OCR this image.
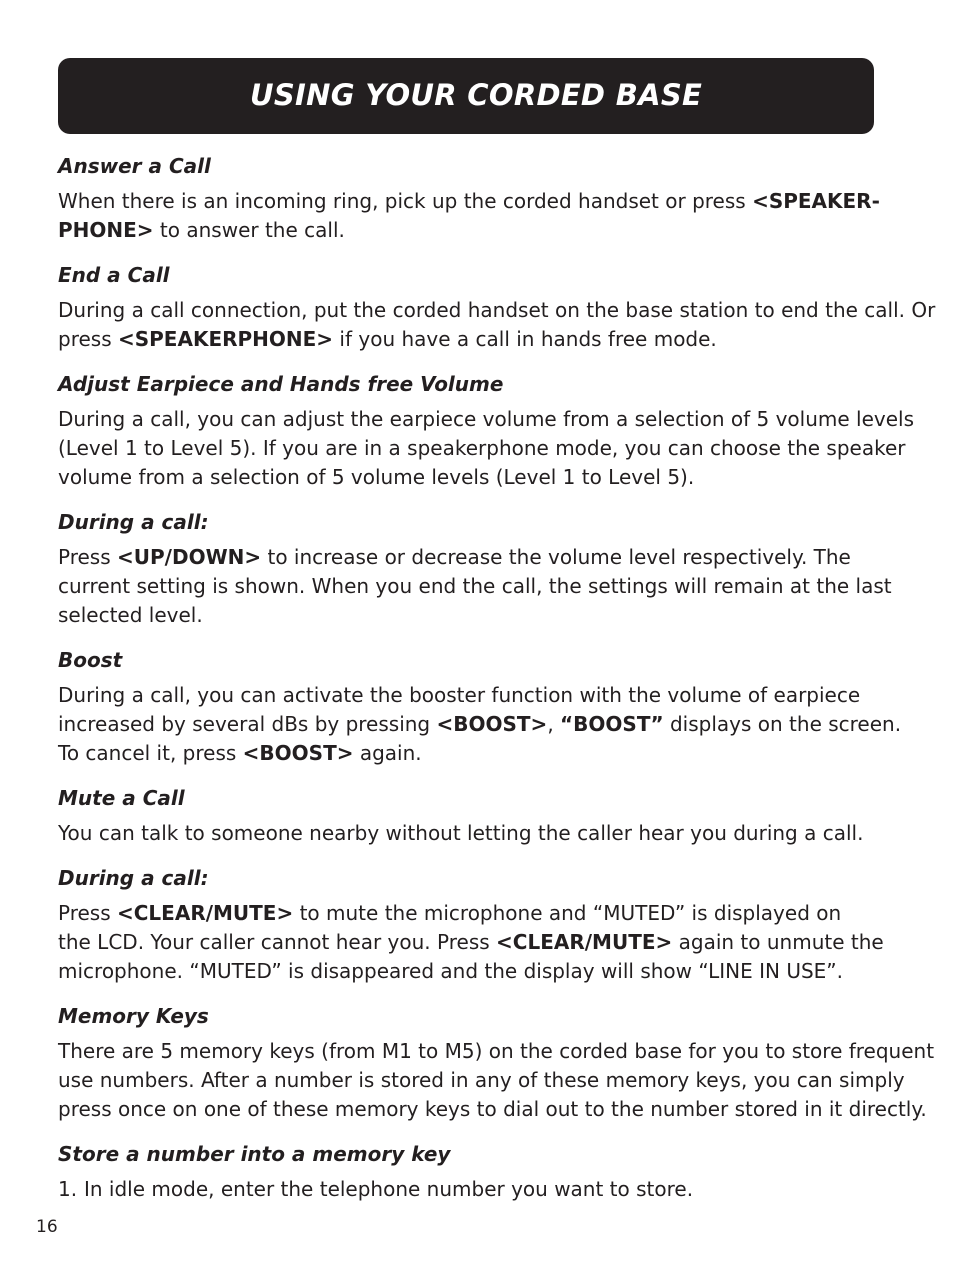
USING YOUR CORDED BASE

Answer a Call

When there is an incoming ring, pick up the corded handset or press <SPEAKER-

PHONE> to answer the call.

End a Call

During a call connection, put the corded handset on the base station to end the call. Or

press <SPEAKERPHONE> if you have a call in hands free mode.

Adjust Earpiece and Hands free Volume

During a call, you can adjust the earpiece volume from a selection of 5 volume levels

(Level 1 to Level 5). If you are in a speakerphone mode, you can choose the speaker

volume from a selection of 5 volume levels (Level 1 to Level 5).

During a call:

Press <UP/DOWN> to increase or decrease the volume level respectively. The

current setting is shown. When you end the call, the settings will remain at the last

selected level.

Boost

During a call, you can activate the booster function with the volume of earpiece

increased by several dBs by pressing <BOOST>, “BOOST” displays on the screen.

To cancel it, press <BOOST> again.

Mute a Call

You can talk to someone nearby without letting the caller hear you during a call.

During a call:

Press <CLEAR/MUTE> to mute the microphone and “MUTED” is displayed on

the LCD. Your caller cannot hear you. Press <CLEAR/MUTE> again to unmute the

microphone. “MUTED” is disappeared and the display will show “LINE IN USE”.

Memory Keys

There are 5 memory keys (from M1 to M5) on the corded base for you to store frequent

use numbers. After a number is stored in any of these memory keys, you can simply

press once on one of these memory keys to dial out to the number stored in it directly.

Store a number into a memory key

1. In idle mode, enter the telephone number you want to store.
16
